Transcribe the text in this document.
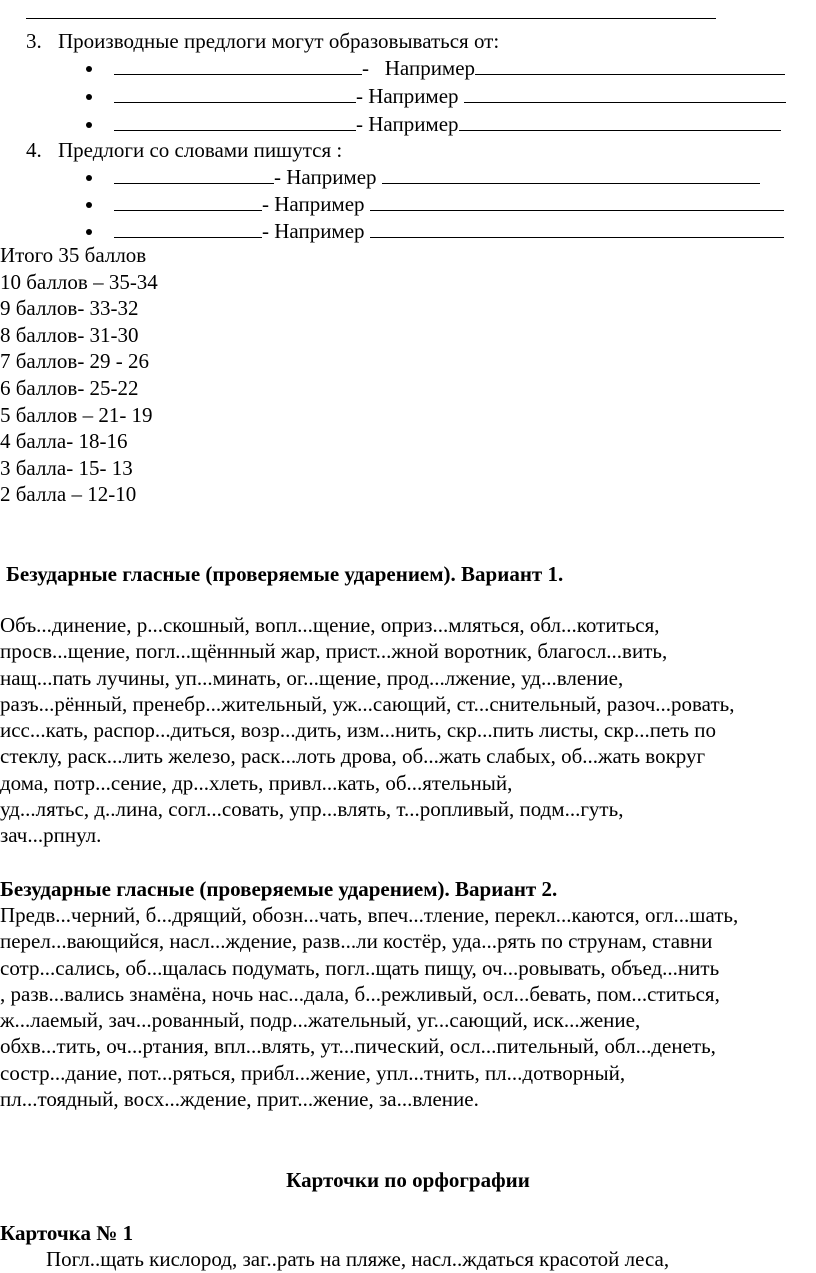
3. Производные предлоги могут образовываться от:
- Например
- Например
- Например
4. Предлоги со словами пишутся :
- Например
- Например
- Например
Итого 35 баллов
10 баллов – 35-34
9 баллов- 33-32
8 баллов- 31-30
7 баллов- 29 - 26
6 баллов- 25-22
5 баллов – 21- 19
4 балла- 18-16
3 балла- 15- 13
2 балла – 12-10
Безударные гласные (проверяемые ударением). Вариант 1.
Объ...динение, р...скошный, вопл...щение, оприз...мляться, обл...котиться,
просв...щение, погл...щённный жар, прист...жной воротник, благосл...вить,
нащ...пать лучины, уп...минать, ог...щение, прод...лжение, уд...вление,
разъ...рённый, пренебр...жительный, уж...сающий, ст...снительный, разоч...ровать,
исс...кать, распор...диться, возр...дить, изм...нить, скр...пить листы, скр...петь по
стеклу, раск...лить железо, раск...лоть дрова, об...жать слабых, об...жать вокруг
дома, потр...сение, др...хлеть, привл...кать, об...ятельный,
уд...лятьс, д..лина, согл...совать, упр...влять, т...ропливый, подм...гуть,
зач...рпнул.
Безударные гласные (проверяемые ударением). Вариант 2.
Предв...черний, б...дрящий, обозн...чать, впеч...тление, перекл...каются, огл...шать,
перел...вающийся, насл...ждение, разв...ли костёр, уда...рять по струнам, ставни
сотр...сались, об...щалась подумать, погл..щать пищу, оч...ровывать, объед...нить
, разв...вались знамёна, ночь нас...дала, б...режливый, осл...бевать, пом...ститься,
ж...лаемый, зач...рованный, подр...жательный, уг...сающий, иск...жение,
обхв...тить, оч...ртания, впл...влять, ут...пический, осл...пительный, обл...денеть,
состр...дание, пот...ряться, прибл...жение, упл...тнить, пл...дотворный,
пл...тоядный, восх...ждение, прит...жение, за...вление.
Карточки по орфографии
Карточка № 1
Погл..щать кислород, заг..рать на пляже, насл..ждаться красотой леса,
